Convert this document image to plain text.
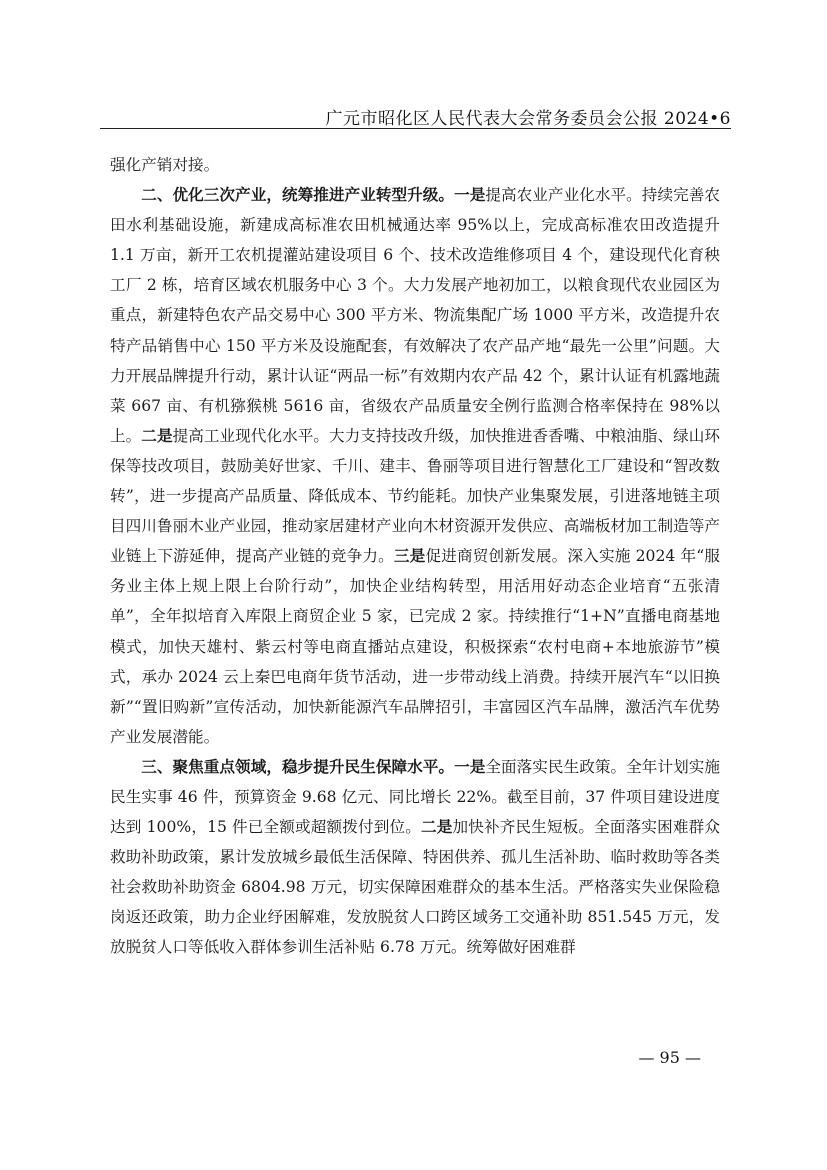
广元市昭化区人民代表大会常务委员会公报 2024•6

强化产销对接。

二、优化三次产业，统筹推进产业转型升级。一是提高农业产业化水平。持续完善农田水利基础设施，新建成高标准农田机械通达率 95%以上，完成高标准农田改造提升 1.1 万亩，新开工农机提灌站建设项目 6 个、技术改造维修项目 4 个，建设现代化育秧工厂 2 栋，培育区域农机服务中心 3 个。大力发展产地初加工，以粮食现代农业园区为重点，新建特色农产品交易中心 300 平方米、物流集配广场 1000 平方米，改造提升农特产品销售中心 150 平方米及设施配套，有效解决了农产品产地“最先一公里”问题。大力开展品牌提升行动，累计认证“两品一标”有效期内农产品 42 个，累计认证有机露地蔬菜 667 亩、有机猕猴桃 5616 亩，省级农产品质量安全例行监测合格率保持在 98%以上。二是提高工业现代化水平。大力支持技改升级，加快推进香香嘴、中粮油脂、绿山环保等技改项目，鼓励美好世家、千川、建丰、鲁丽等项目进行智慧化工厂建设和“智改数转”，进一步提高产品质量、降低成本、节约能耗。加快产业集聚发展，引进落地链主项目四川鲁丽木业产业园，推动家居建材产业向木材资源开发供应、高端板材加工制造等产业链上下游延伸，提高产业链的竞争力。三是促进商贸创新发展。深入实施 2024 年“服务业主体上规上限上台阶行动”，加快企业结构转型，用活用好动态企业培育“五张清单”，全年拟培育入库限上商贸企业 5 家，已完成 2 家。持续推行“1+N”直播电商基地模式，加快天雄村、紫云村等电商直播站点建设，积极探索“农村电商+本地旅游节”模式，承办 2024 云上秦巴电商年货节活动，进一步带动线上消费。持续开展汽车“以旧换新”“置旧购新”宣传活动，加快新能源汽车品牌招引，丰富园区汽车品牌，激活汽车优势产业发展潜能。

三、聚焦重点领域，稳步提升民生保障水平。一是全面落实民生政策。全年计划实施民生实事 46 件，预算资金 9.68 亿元、同比增长 22%。截至目前，37 件项目建设进度达到 100%，15 件已全额或超额拨付到位。二是加快补齐民生短板。全面落实困难群众救助补助政策，累计发放城乡最低生活保障、特困供养、孤儿生活补助、临时救助等各类社会救助补助资金 6804.98 万元，切实保障困难群众的基本生活。严格落实失业保险稳岗返还政策，助力企业纾困解难，发放脱贫人口跨区域务工交通补助 851.545 万元，发放脱贫人口等低收入群体参训生活补贴 6.78 万元。统筹做好困难群

— 95 —
